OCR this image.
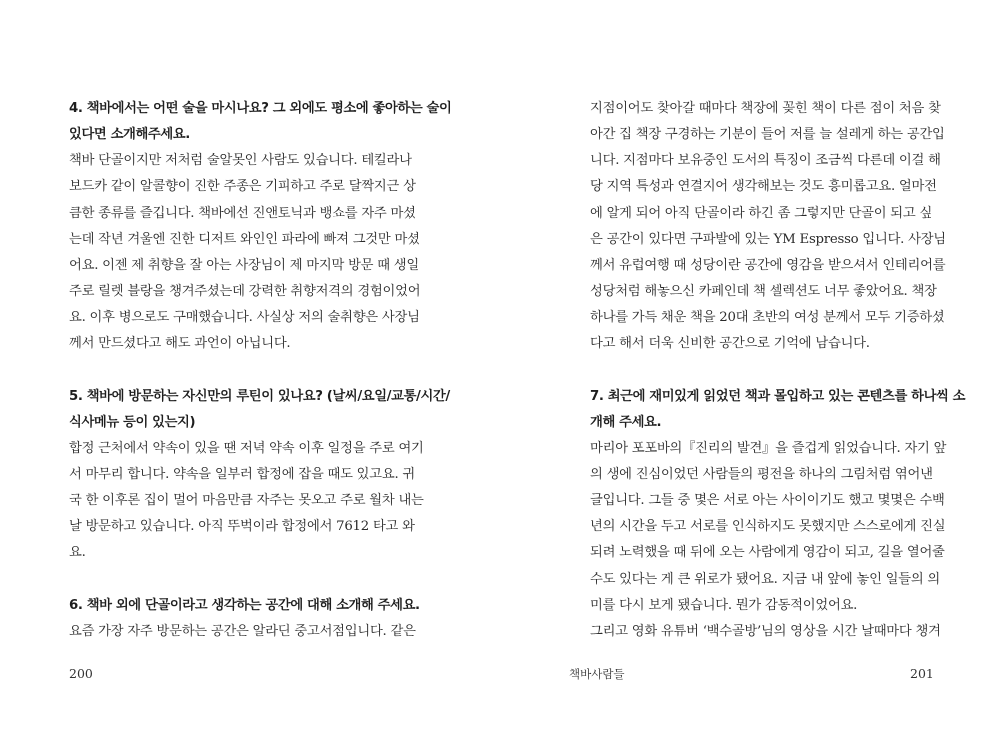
4. 책바에서는 어떤 술을 마시나요? 그 외에도 평소에 좋아하는 술이
있다면 소개해주세요.
책바 단골이지만 저처럼 술알못인 사람도 있습니다. 테킬라나
보드카 같이 알콜향이 진한 주종은 기피하고 주로 달짝지근 상
큼한 종류를 즐깁니다. 책바에선 진앤토닉과 뱅쇼를 자주 마셨
는데 작년 겨울엔 진한 디저트 와인인 파라에 빠져 그것만 마셨
어요. 이젠 제 취향을 잘 아는 사장님이 제 마지막 방문 때 생일
주로 릴렛 블랑을 챙겨주셨는데 강력한 취향저격의 경험이었어
요. 이후 병으로도 구매했습니다. 사실상 저의 술취향은 사장님
께서 만드셨다고 해도 과언이 아닙니다.
5. 책바에 방문하는 자신만의 루틴이 있나요? (날씨/요일/교통/시간/
식사메뉴 등이 있는지)
합정 근처에서 약속이 있을 땐 저녁 약속 이후 일정을 주로 여기
서 마무리 합니다. 약속을 일부러 합정에 잡을 때도 있고요. 귀
국 한 이후론 집이 멀어 마음만큼 자주는 못오고 주로 월차 내는
날 방문하고 있습니다. 아직 뚜벅이라 합정에서 7612 타고 와
요.
6. 책바 외에 단골이라고 생각하는 공간에 대해 소개해 주세요.
요즘 가장 자주 방문하는 공간은 알라딘 중고서점입니다. 같은
지점이어도 찾아갈 때마다 책장에 꽂힌 책이 다른 점이 처음 찾
아간 집 책장 구경하는 기분이 들어 저를 늘 설레게 하는 공간입
니다. 지점마다 보유중인 도서의 특징이 조금씩 다른데 이걸 해
당 지역 특성과 연결지어 생각해보는 것도 흥미롭고요. 얼마전
에 알게 되어 아직 단골이라 하긴 좀 그렇지만 단골이 되고 싶
은 공간이 있다면 구파발에 있는 YM Espresso 입니다. 사장님
께서 유럽여행 때 성당이란 공간에 영감을 받으셔서 인테리어를
성당처럼 해놓으신 카페인데 책 셀렉션도 너무 좋았어요. 책장
하나를 가득 채운 책을 20대 초반의 여성 분께서 모두 기증하셨
다고 해서 더욱 신비한 공간으로 기억에 남습니다.
7. 최근에 재미있게 읽었던 책과 몰입하고 있는 콘텐츠를 하나씩 소
개해 주세요.
마리아 포포바의『진리의 발견』을 즐겁게 읽었습니다. 자기 앞
의 생에 진심이었던 사람들의 평전을 하나의 그림처럼 엮어낸
글입니다. 그들 중 몇은 서로 아는 사이이기도 했고 몇몇은 수백
년의 시간을 두고 서로를 인식하지도 못했지만 스스로에게 진실
되려 노력했을 때 뒤에 오는 사람에게 영감이 되고, 길을 열어줄
수도 있다는 게 큰 위로가 됐어요. 지금 내 앞에 놓인 일들의 의
미를 다시 보게 됐습니다. 뭔가 감동적이었어요.
그리고 영화 유튜버 ‘백수골방’님의 영상을 시간 날때마다 챙겨
200	책바사람들	201
